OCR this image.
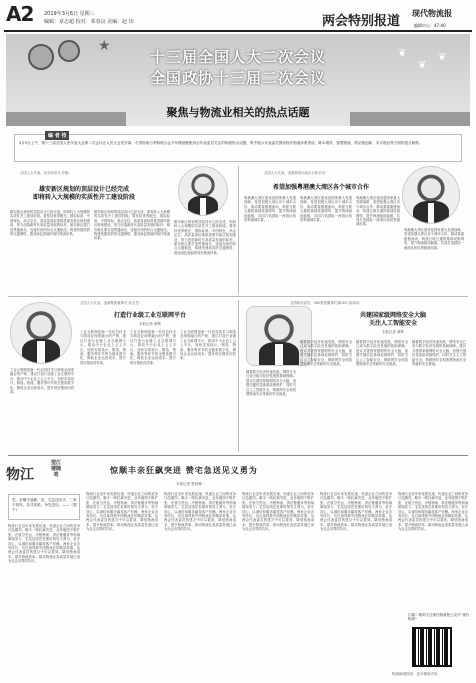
A2 2019年3月6日 星期三
编辑：章志超 校对：邓春良 美编：赵 玮	两会特别报道
现代物流报
编辑中心：47-40
★	❦
❦
❦
十三届全国人大二次会议
全国政协十三届二次会议
聚焦与物流业相关的热点话题
编 者 按
3月5日上午，第十三届全国人民代表大会第二次会议在人民大会堂开幕，中国物流与采购联合会今年继续聚焦两会代表委员关注的物流热点话题，集中展示代表委员围绕现代物流体系建设、降本增效、智慧物流、供应链创新、多式联运等方面的建言献策。
全国人大代表、河北省省长 许勤：
雄安新区规划的顶层设计已经完成
即将转入大规模的实质性开工建设阶段
雄安新区规划的顶层设计已经完成，即将转入大规模的实质性开工建设阶段。要坚持世界眼光、国际标准、中国特色、高点定位，高质量高标准推进雄安新区规划建设，努力创造新时代高质量发展的标杆。雄安新区要打造贯通南北、连接东西的综合交通枢纽，构建快捷高效的交通网络，建设绿色智能的现代物流体系。
雄安新区规划的顶层设计已经完成，即将转入大规模的实质性开工建设阶段。要坚持世界眼光、国际标准、中国特色、高点定位，高质量高标准推进雄安新区规划建设，努力创造新时代高质量发展的标杆。雄安新区要打造贯通南北、连接东西的综合交通枢纽，构建快捷高效的交通网络，建设绿色智能的现代物流体系。
雄安新区规划的顶层设计已经完成，即将转入大规模的实质性开工建设阶段。要坚持世界眼光、国际标准、中国特色、高点定位，高质量高标准推进雄安新区规划建设，努力创造新时代高质量发展的标杆。雄安新区要打造贯通南北、连接东西的综合交通枢纽，构建快捷高效的交通网络，建设绿色智能的现代物流体系。
全国人大代表、香港特别行政区行政长官：
希望加强粤港澳大湾区各个城市合作
粤港澳大湾区建设是国家重大发展战略，希望加强大湾区各个城市合作，推动要素便捷流动，构建互联互通的基础设施网络，提升物流枢纽能级，共同打造国际一流湾区和世界级城市群。
粤港澳大湾区建设是国家重大发展战略，希望加强大湾区各个城市合作，推动要素便捷流动，构建互联互通的基础设施网络，提升物流枢纽能级，共同打造国际一流湾区和世界级城市群。
粤港澳大湾区建设是国家重大发展战略，希望加强大湾区各个城市合作，推动要素便捷流动，构建互联互通的基础设施网络，提升物流枢纽能级，共同打造国际一流湾区和世界级城市群。
粤港澳大湾区建设是国家重大发展战略，希望加强大湾区各个城市合作，推动要素便捷流动，构建互联互通的基础设施网络，提升物流枢纽能级，共同打造国际一流湾区和世界级城市群。
全国人大代表、浪潮集团董事长 孙丕恕：
打造行业级工业互联网平台
本报记者 黄辉
工业互联网是新一代信息技术与制造业深度融合的产物，建议打造行业级工业互联网平台，推动中小企业上云上平台，加快实现设计、制造、物流、服务等环节的全链条数字化，降低企业运营成本，提升供应链协同效率。
工业互联网是新一代信息技术与制造业深度融合的产物，建议打造行业级工业互联网平台，推动中小企业上云上平台，加快实现设计、制造、物流、服务等环节的全链条数字化，降低企业运营成本，提升供应链协同效率。
工业互联网是新一代信息技术与制造业深度融合的产物，建议打造行业级工业互联网平台，推动中小企业上云上平台，加快实现设计、制造、物流、服务等环节的全链条数字化，降低企业运营成本，提升供应链协同效率。
工业互联网是新一代信息技术与制造业深度融合的产物，建议打造行业级工业互联网平台，推动中小企业上云上平台，加快实现设计、制造、物流、服务等环节的全链条数字化，降低企业运营成本，提升供应链协同效率。
全国政协委员、360集团董事长兼CEO 周鸿祎：
共建国家级网络安全大脑
关注人工智能安全
本报记者 黄辉
随着数字经济快速发展，网络安全已成为数字经济发展的基础保障。建议共建国家级网络安全大脑，加强关键信息基础设施保护，同时关注人工智能安全、物联网安全和智慧物流安全等新的安全挑战。
随着数字经济快速发展，网络安全已成为数字经济发展的基础保障。建议共建国家级网络安全大脑，加强关键信息基础设施保护，同时关注人工智能安全、物联网安全和智慧物流安全等新的安全挑战。
随着数字经济快速发展，网络安全已成为数字经济发展的基础保障。建议共建国家级网络安全大脑，加强关键信息基础设施保护，同时关注人工智能安全、物联网安全和智慧物流安全等新的安全挑战。
随着数字经济快速发展，网络安全已成为数字经济发展的基础保障。建议共建国家级网络安全大脑，加强关键信息基础设施保护，同时关注人工智能安全、物联网安全和智慧物流安全等新的安全挑战。
物江
望江楼随笔	惊顺丰亲狂飙突进 赞宅急送见义勇为
本报记者 曹润卿
觉，亲顺丰逐鹿，见，宅急送出手，三家不同风，各寻其路，争先恐后。——《观千》
物流行业近年来发展迅速，快递企业之间的竞争日趋激烈。顺丰一路狂飙突进，业务版图不断扩张，在航空货运、冷链物流、供应链服务等领域频频发力；宅急送则在危难时刻见义勇为，坚守初心，以诚信和服务赢得客户信赖。两家企业各有所长，各自演绎着中国物流业的精彩故事。从两会代表委员的建言中可以看到，降低物流成本、提升物流效率、推动物流业高质量发展已成为社会各界的共识。
物流行业近年来发展迅速，快递企业之间的竞争日趋激烈。顺丰一路狂飙突进，业务版图不断扩张，在航空货运、冷链物流、供应链服务等领域频频发力；宅急送则在危难时刻见义勇为，坚守初心，以诚信和服务赢得客户信赖。两家企业各有所长，各自演绎着中国物流业的精彩故事。从两会代表委员的建言中可以看到，降低物流成本、提升物流效率、推动物流业高质量发展已成为社会各界的共识。
物流行业近年来发展迅速，快递企业之间的竞争日趋激烈。顺丰一路狂飙突进，业务版图不断扩张，在航空货运、冷链物流、供应链服务等领域频频发力；宅急送则在危难时刻见义勇为，坚守初心，以诚信和服务赢得客户信赖。两家企业各有所长，各自演绎着中国物流业的精彩故事。从两会代表委员的建言中可以看到，降低物流成本、提升物流效率、推动物流业高质量发展已成为社会各界的共识。
物流行业近年来发展迅速，快递企业之间的竞争日趋激烈。顺丰一路狂飙突进，业务版图不断扩张，在航空货运、冷链物流、供应链服务等领域频频发力；宅急送则在危难时刻见义勇为，坚守初心，以诚信和服务赢得客户信赖。两家企业各有所长，各自演绎着中国物流业的精彩故事。从两会代表委员的建言中可以看到，降低物流成本、提升物流效率、推动物流业高质量发展已成为社会各界的共识。
物流行业近年来发展迅速，快递企业之间的竞争日趋激烈。顺丰一路狂飙突进，业务版图不断扩张，在航空货运、冷链物流、供应链服务等领域频频发力；宅急送则在危难时刻见义勇为，坚守初心，以诚信和服务赢得客户信赖。两家企业各有所长，各自演绎着中国物流业的精彩故事。从两会代表委员的建言中可以看到，降低物流成本、提升物流效率、推动物流业高质量发展已成为社会各界的共识。
物流行业近年来发展迅速，快递企业之间的竞争日趋激烈。顺丰一路狂飙突进，业务版图不断扩张，在航空货运、冷链物流、供应链服务等领域频频发力；宅急送则在危难时刻见义勇为，坚守初心，以诚信和服务赢得客户信赖。两家企业各有所长，各自演绎着中国物流业的精彩故事。从两会代表委员的建言中可以看到，降低物流成本、提升物流效率、推动物流业高质量发展已成为社会各界的共识。
扫描二维码关注现代物流报公众号“现代物流”
物流新闻热线：更多精彩内容
